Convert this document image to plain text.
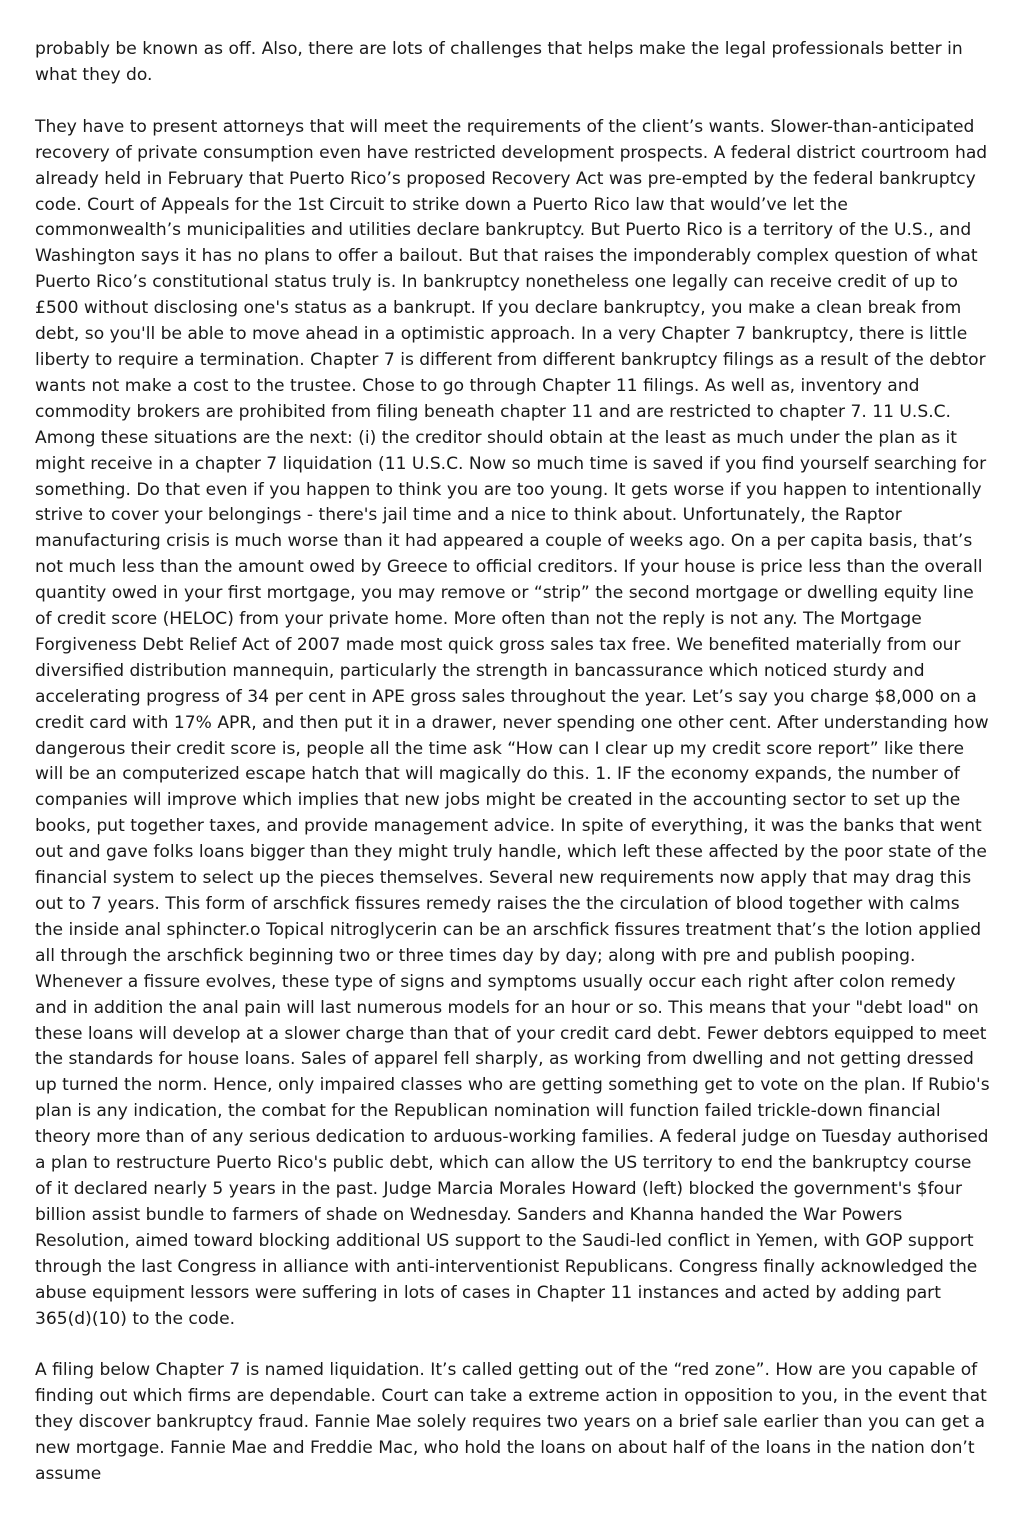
probably be known as off. Also, there are lots of challenges that helps make the legal professionals better in what they do.

They have to present attorneys that will meet the requirements of the client’s wants. Slower-than-anticipated recovery of private consumption even have restricted development prospects. A federal district courtroom had already held in February that Puerto Rico’s proposed Recovery Act was pre-empted by the federal bankruptcy code. Court of Appeals for the 1st Circuit to strike down a Puerto Rico law that would’ve let the commonwealth’s municipalities and utilities declare bankruptcy. But Puerto Rico is a territory of the U.S., and Washington says it has no plans to offer a bailout. But that raises the imponderably complex question of what Puerto Rico’s constitutional status truly is. In bankruptcy nonetheless one legally can receive credit of up to £500 without disclosing one's status as a bankrupt. If you declare bankruptcy, you make a clean break from debt, so you'll be able to move ahead in a optimistic approach. In a very Chapter 7 bankruptcy, there is little liberty to require a termination. Chapter 7 is different from different bankruptcy filings as a result of the debtor wants not make a cost to the trustee. Chose to go through Chapter 11 filings. As well as, inventory and commodity brokers are prohibited from filing beneath chapter 11 and are restricted to chapter 7. 11 U.S.C. Among these situations are the next: (i) the creditor should obtain at the least as much under the plan as it might receive in a chapter 7 liquidation (11 U.S.C. Now so much time is saved if you find yourself searching for something. Do that even if you happen to think you are too young. It gets worse if you happen to intentionally strive to cover your belongings - there's jail time and a nice to think about. Unfortunately, the Raptor manufacturing crisis is much worse than it had appeared a couple of weeks ago. On a per capita basis, that’s not much less than the amount owed by Greece to official creditors. If your house is price less than the overall quantity owed in your first mortgage, you may remove or “strip” the second mortgage or dwelling equity line of credit score (HELOC) from your private home. More often than not the reply is not any. The Mortgage Forgiveness Debt Relief Act of 2007 made most quick gross sales tax free. We benefited materially from our diversified distribution mannequin, particularly the strength in bancassurance which noticed sturdy and accelerating progress of 34 per cent in APE gross sales throughout the year. Let’s say you charge $8,000 on a credit card with 17% APR, and then put it in a drawer, never spending one other cent. After understanding how dangerous their credit score is, people all the time ask “How can I clear up my credit score report” like there will be an computerized escape hatch that will magically do this. 1. IF the economy expands, the number of companies will improve which implies that new jobs might be created in the accounting sector to set up the books, put together taxes, and provide management advice. In spite of everything, it was the banks that went out and gave folks loans bigger than they might truly handle, which left these affected by the poor state of the financial system to select up the pieces themselves. Several new requirements now apply that may drag this out to 7 years. This form of arschfick fissures remedy raises the the circulation of blood together with calms the inside anal sphincter.o Topical nitroglycerin can be an arschfick fissures treatment that’s the lotion applied all through the arschfick beginning two or three times day by day; along with pre and publish pooping. Whenever a fissure evolves, these type of signs and symptoms usually occur each right after colon remedy and in addition the anal pain will last numerous models for an hour or so. This means that your "debt load" on these loans will develop at a slower charge than that of your credit card debt. Fewer debtors equipped to meet the standards for house loans. Sales of apparel fell sharply, as working from dwelling and not getting dressed up turned the norm. Hence, only impaired classes who are getting something get to vote on the plan. If Rubio's plan is any indication, the combat for the Republican nomination will function failed trickle-down financial theory more than of any serious dedication to arduous-working families. A federal judge on Tuesday authorised a plan to restructure Puerto Rico's public debt, which can allow the US territory to end the bankruptcy course of it declared nearly 5 years in the past. Judge Marcia Morales Howard (left) blocked the government's $four billion assist bundle to farmers of shade on Wednesday. Sanders and Khanna handed the War Powers Resolution, aimed toward blocking additional US support to the Saudi-led conflict in Yemen, with GOP support through the last Congress in alliance with anti-interventionist Republicans. Congress finally acknowledged the abuse equipment lessors were suffering in lots of cases in Chapter 11 instances and acted by adding part 365(d)(10) to the code.

A filing below Chapter 7 is named liquidation. It’s called getting out of the “red zone”. How are you capable of finding out which firms are dependable. Court can take a extreme action in opposition to you, in the event that they discover bankruptcy fraud. Fannie Mae solely requires two years on a brief sale earlier than you can get a new mortgage. Fannie Mae and Freddie Mac, who hold the loans on about half of the loans in the nation don’t assume
